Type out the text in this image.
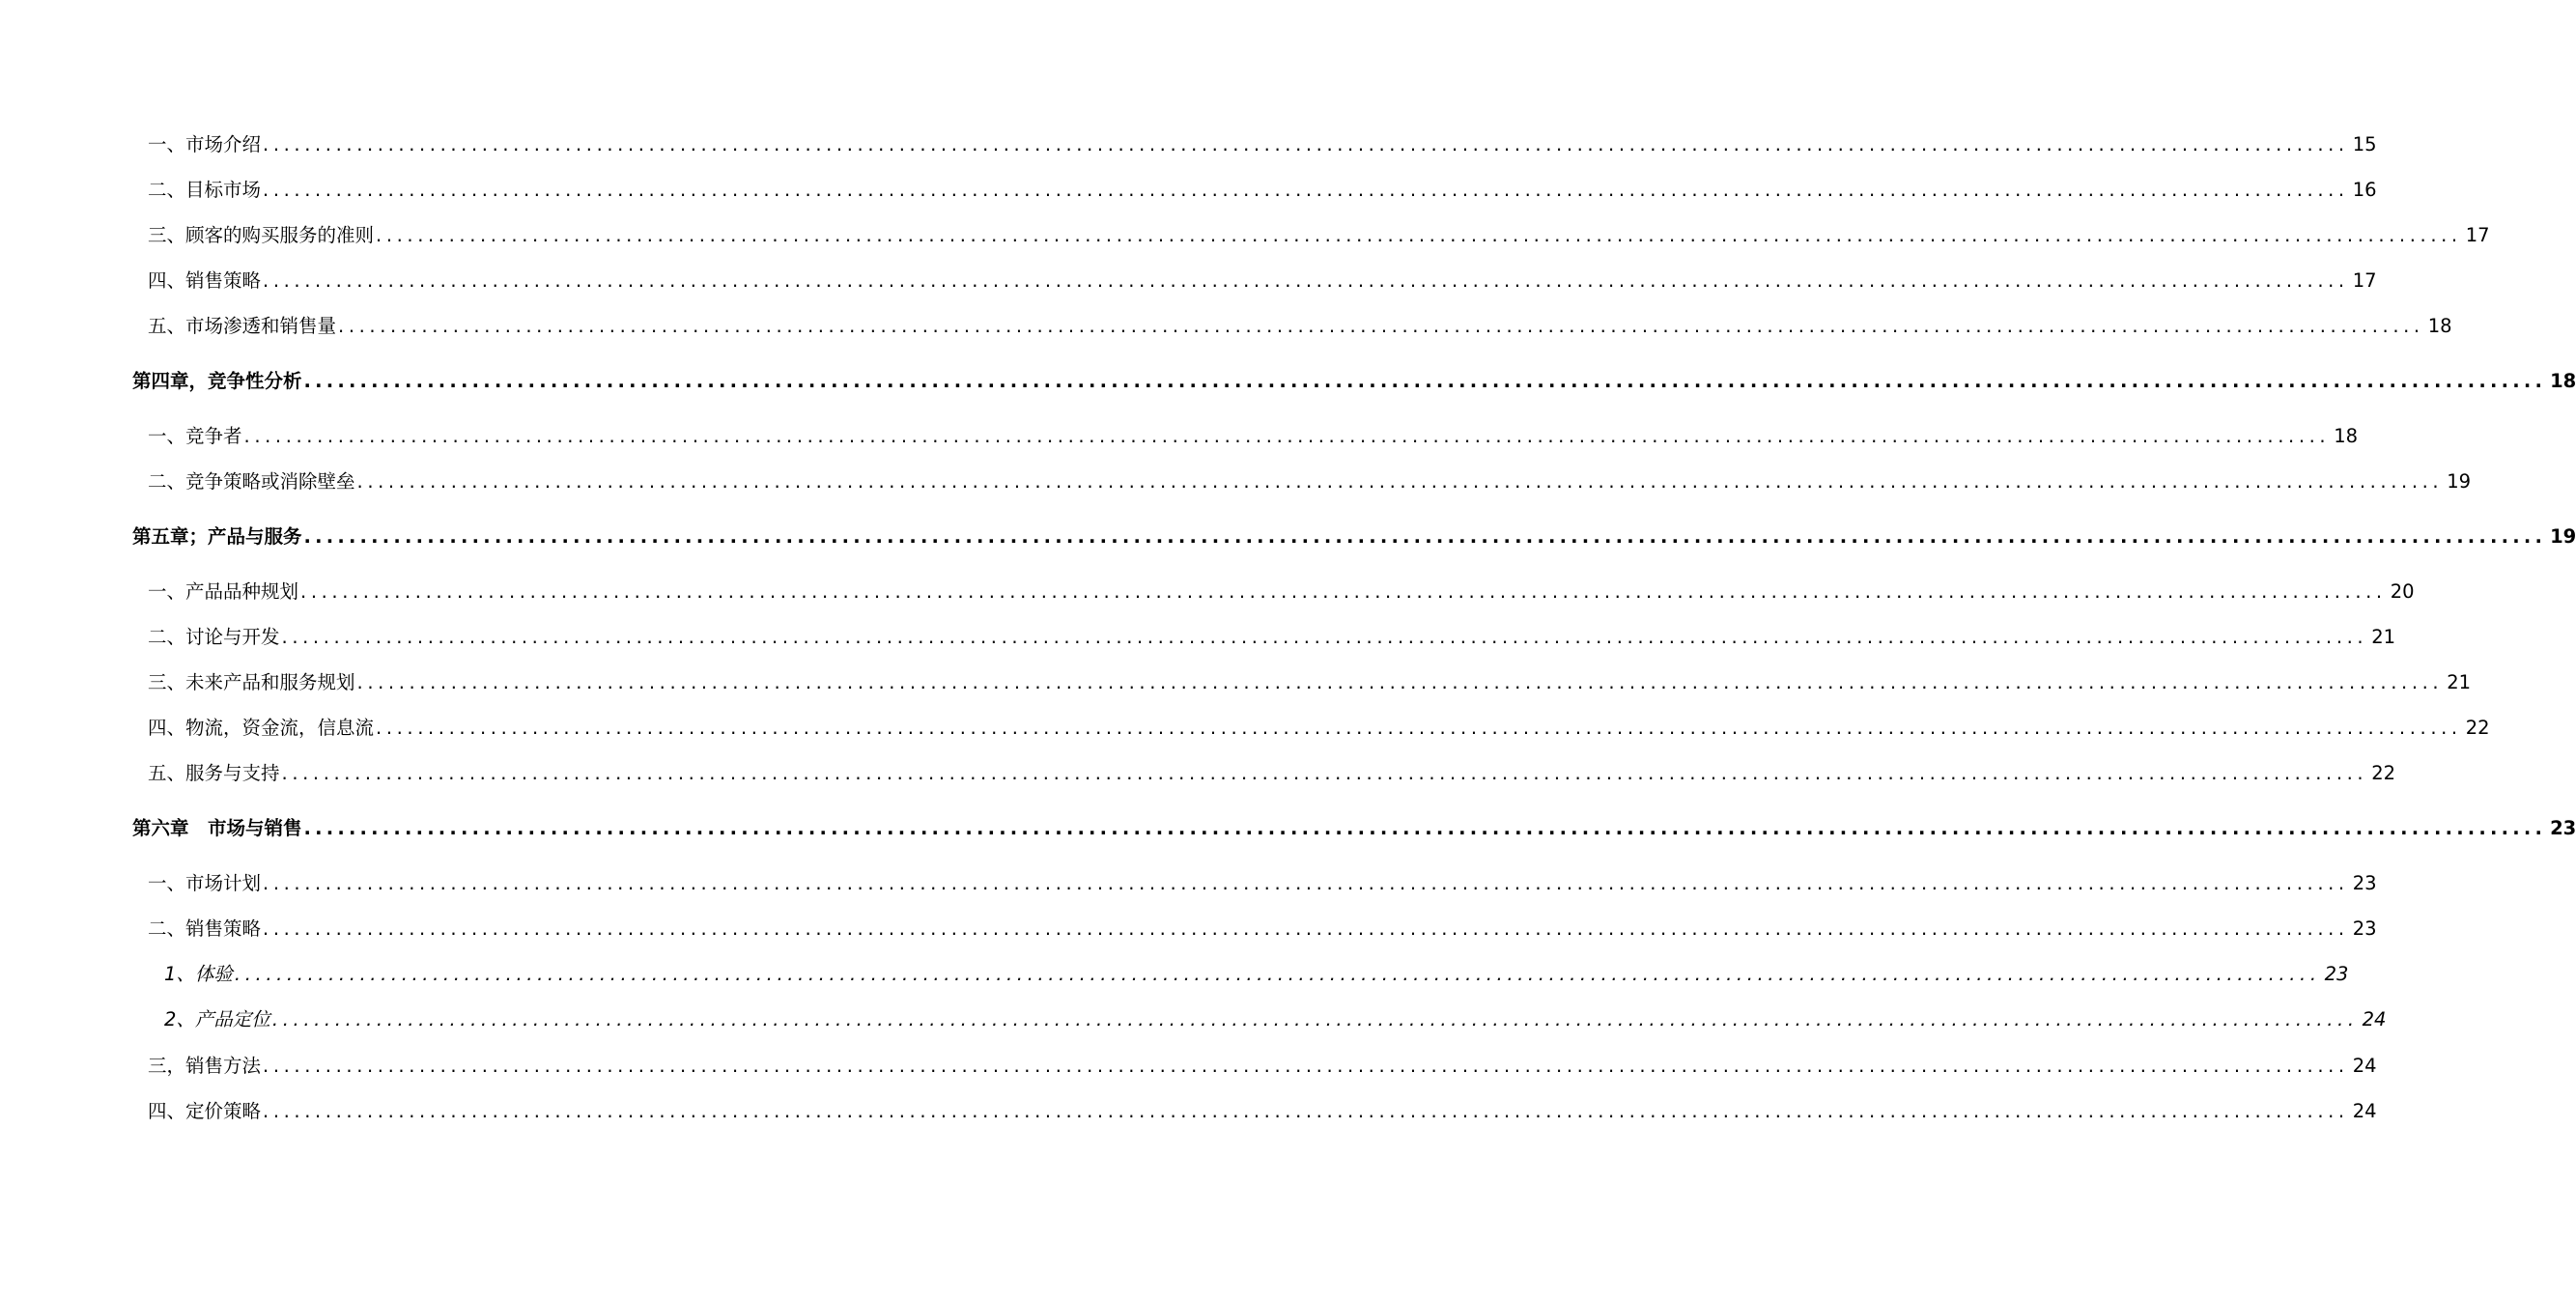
一、市场介绍 ........................................................................................................................................................................................................ 15
二、目标市场 ........................................................................................................................................................................................................ 16
三、顾客的购买服务的准则 ........................................................................................................................................................................................................ 17
四、销售策略 ........................................................................................................................................................................................................ 17
五、市场渗透和销售量 ........................................................................................................................................................................................................ 18
第四章，竞争性分析 ........................................................................................................................................................................................................ 18
一、竞争者 ........................................................................................................................................................................................................ 18
二、竞争策略或消除壁垒 ........................................................................................................................................................................................................ 19
第五章；产品与服务 ........................................................................................................................................................................................................ 19
一、产品品种规划 ........................................................................................................................................................................................................ 20
二、讨论与开发 ........................................................................................................................................................................................................ 21
三、未来产品和服务规划 ........................................................................................................................................................................................................ 21
四、物流，资金流，信息流 ........................................................................................................................................................................................................ 22
五、服务与支持 ........................................................................................................................................................................................................ 22
第六章　市场与销售 ........................................................................................................................................................................................................ 23
一、市场计划 ........................................................................................................................................................................................................ 23
二、销售策略 ........................................................................................................................................................................................................ 23
1、体验 ........................................................................................................................................................................................................ 23
2、产品定位 ........................................................................................................................................................................................................ 24
三，销售方法 ........................................................................................................................................................................................................ 24
四、定价策略 ........................................................................................................................................................................................................ 24
